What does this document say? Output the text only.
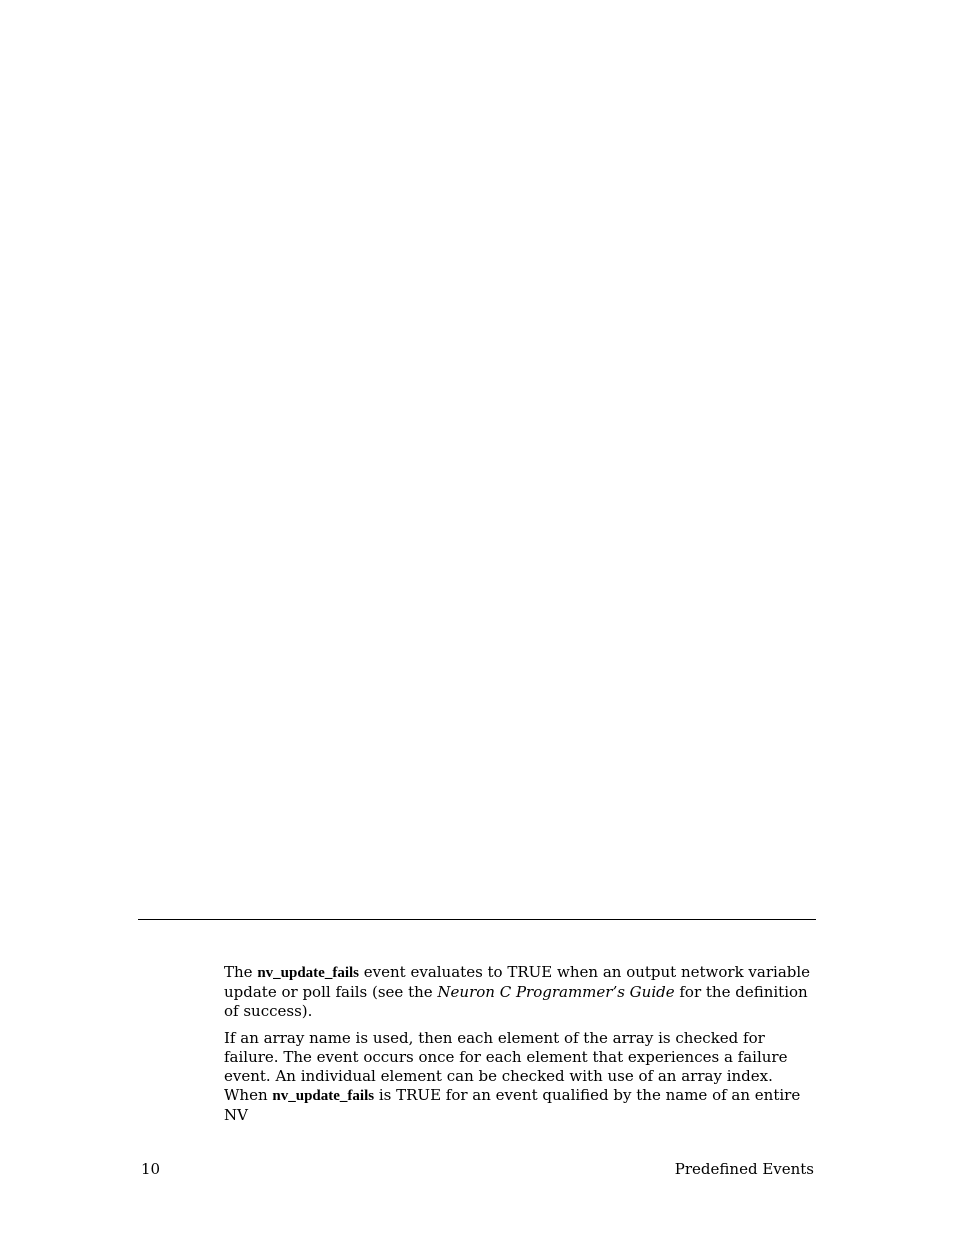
The nv_update_fails event evaluates to TRUE when an output network variable update or poll fails (see the Neuron C Programmer’s Guide for the definition of success).

If an array name is used, then each element of the array is checked for failure. The event occurs once for each element that experiences a failure event. An individual element can be checked with use of an array index. When nv_update_fails is TRUE for an event qualified by the name of an entire NV

10	Predefined Events
